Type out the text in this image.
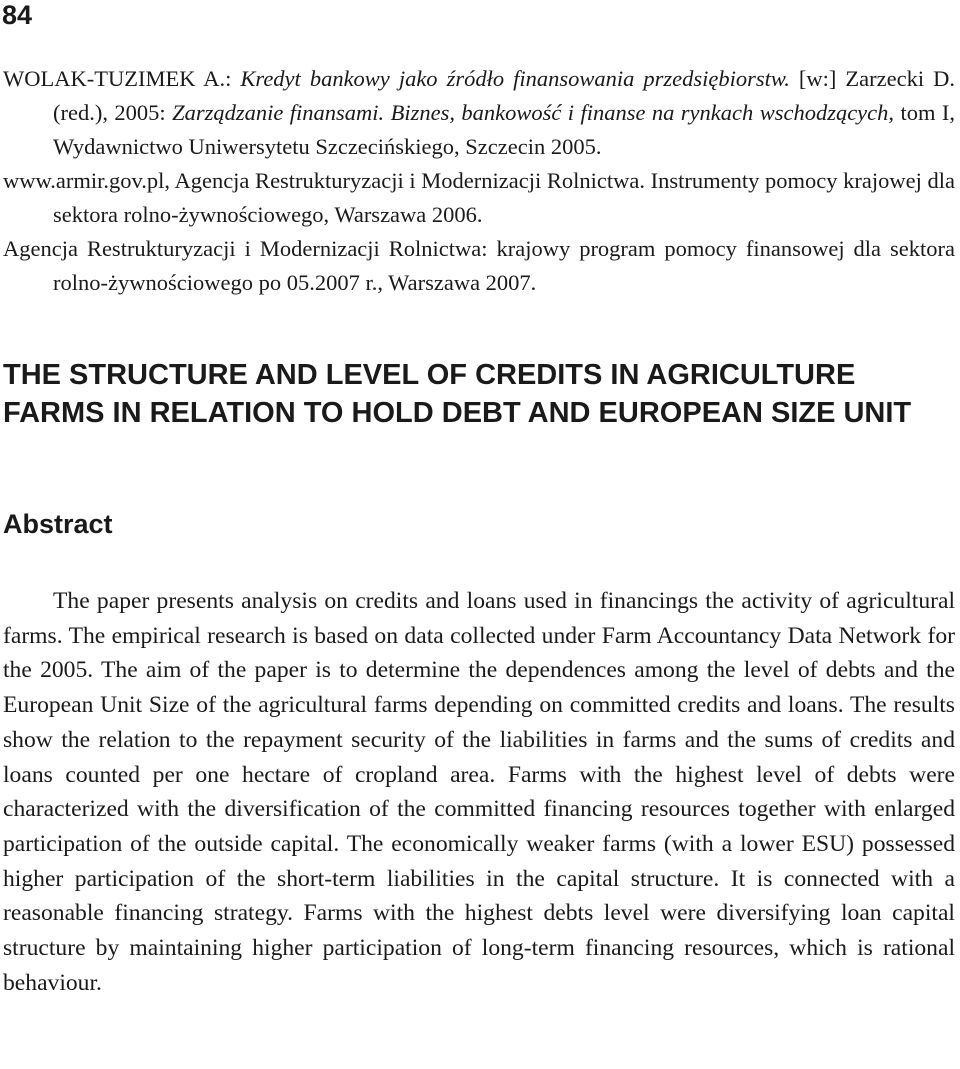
84
WOLAK-TUZIMEK A.: Kredyt bankowy jako źródło finansowania przedsiębiorstw. [w:] Zarzecki D. (red.), 2005: Zarządzanie finansami. Biznes, bankowość i finanse na rynkach wschodzących, tom I, Wydawnictwo Uniwersytetu Szczecińskiego, Szczecin 2005.
www.armir.gov.pl, Agencja Restrukturyzacji i Modernizacji Rolnictwa. Instrumenty pomocy krajowej dla sektora rolno-żywnościowego, Warszawa 2006.
Agencja Restrukturyzacji i Modernizacji Rolnictwa: krajowy program pomocy finansowej dla sektora rolno-żywnościowego po 05.2007 r., Warszawa 2007.
THE STRUCTURE AND LEVEL OF CREDITS IN AGRICULTURE FARMS IN RELATION TO HOLD DEBT AND EUROPEAN SIZE UNIT
Abstract

The paper presents analysis on credits and loans used in financings the activity of agricultural farms. The empirical research is based on data collected under Farm Accountancy Data Network for the 2005. The aim of the paper is to determine the dependences among the level of debts and the European Unit Size of the agricultural farms depending on committed credits and loans. The results show the relation to the repayment security of the liabilities in farms and the sums of credits and loans counted per one hectare of cropland area. Farms with the highest level of debts were characterized with the diversification of the committed financing resources together with enlarged participation of the outside capital. The economically weaker farms (with a lower ESU) possessed higher participation of the short-term liabilities in the capital structure. It is connected with a reasonable financing strategy. Farms with the highest debts level were diversifying loan capital structure by maintaining higher participation of long-term financing resources, which is rational behaviour.
